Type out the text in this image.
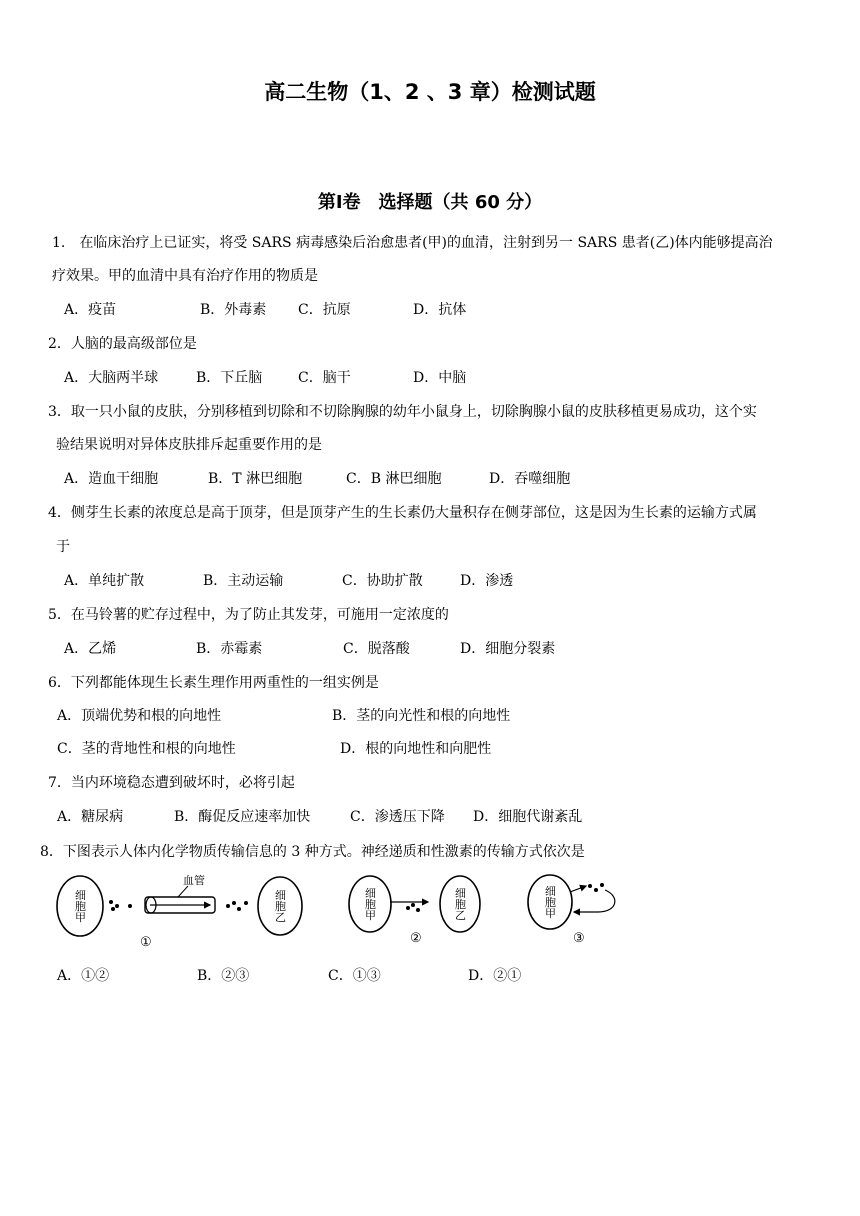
高二生物（1、2 、3 章）检测试题
第Ⅰ卷　选择题（共 60 分）
1.　在临床治疗上已证实，将受 SARS 病毒感染后治愈患者(甲)的血清，注射到另一 SARS 患者(乙)体内能够提高治
疗效果。甲的血清中具有治疗作用的物质是
A．疫苗	B．外毒素 C．抗原	D．抗体
2．人脑的最高级部位是
A．大脑两半球	B．下丘脑	C．脑干	D．中脑
3．取一只小鼠的皮肤，分别移植到切除和不切除胸腺的幼年小鼠身上，切除胸腺小鼠的皮肤移植更易成功，这个实
验结果说明对异体皮肤排斥起重要作用的是
A．造血干细胞	B．T 淋巴细胞	C．B 淋巴细胞	D．吞噬细胞
4．侧芽生长素的浓度总是高于顶芽，但是顶芽产生的生长素仍大量积存在侧芽部位，这是因为生长素的运输方式属
于
A．单纯扩散	B．主动运输	C．协助扩散	D．渗透
5．在马铃薯的贮存过程中，为了防止其发芽，可施用一定浓度的
A．乙烯	B．赤霉素	C．脱落酸	D．细胞分裂素
6．下列都能体现生长素生理作用两重性的一组实例是
A．顶端优势和根的向地性	B．茎的向光性和根的向地性
C．茎的背地性和根的向地性	D．根的向地性和向肥性
7．当内环境稳态遭到破坏时，必将引起
A．糖尿病	B．酶促反应速率加快	C．渗透压下降 D．细胞代谢紊乱
8．下图表示人体内化学物质传输信息的 3 种方式。神经递质和性激素的传输方式依次是
细胞甲
血管
细胞乙
①
细胞甲	细胞乙
②
细胞甲
③
A．①②	B．②③	C．①③	D．②①
